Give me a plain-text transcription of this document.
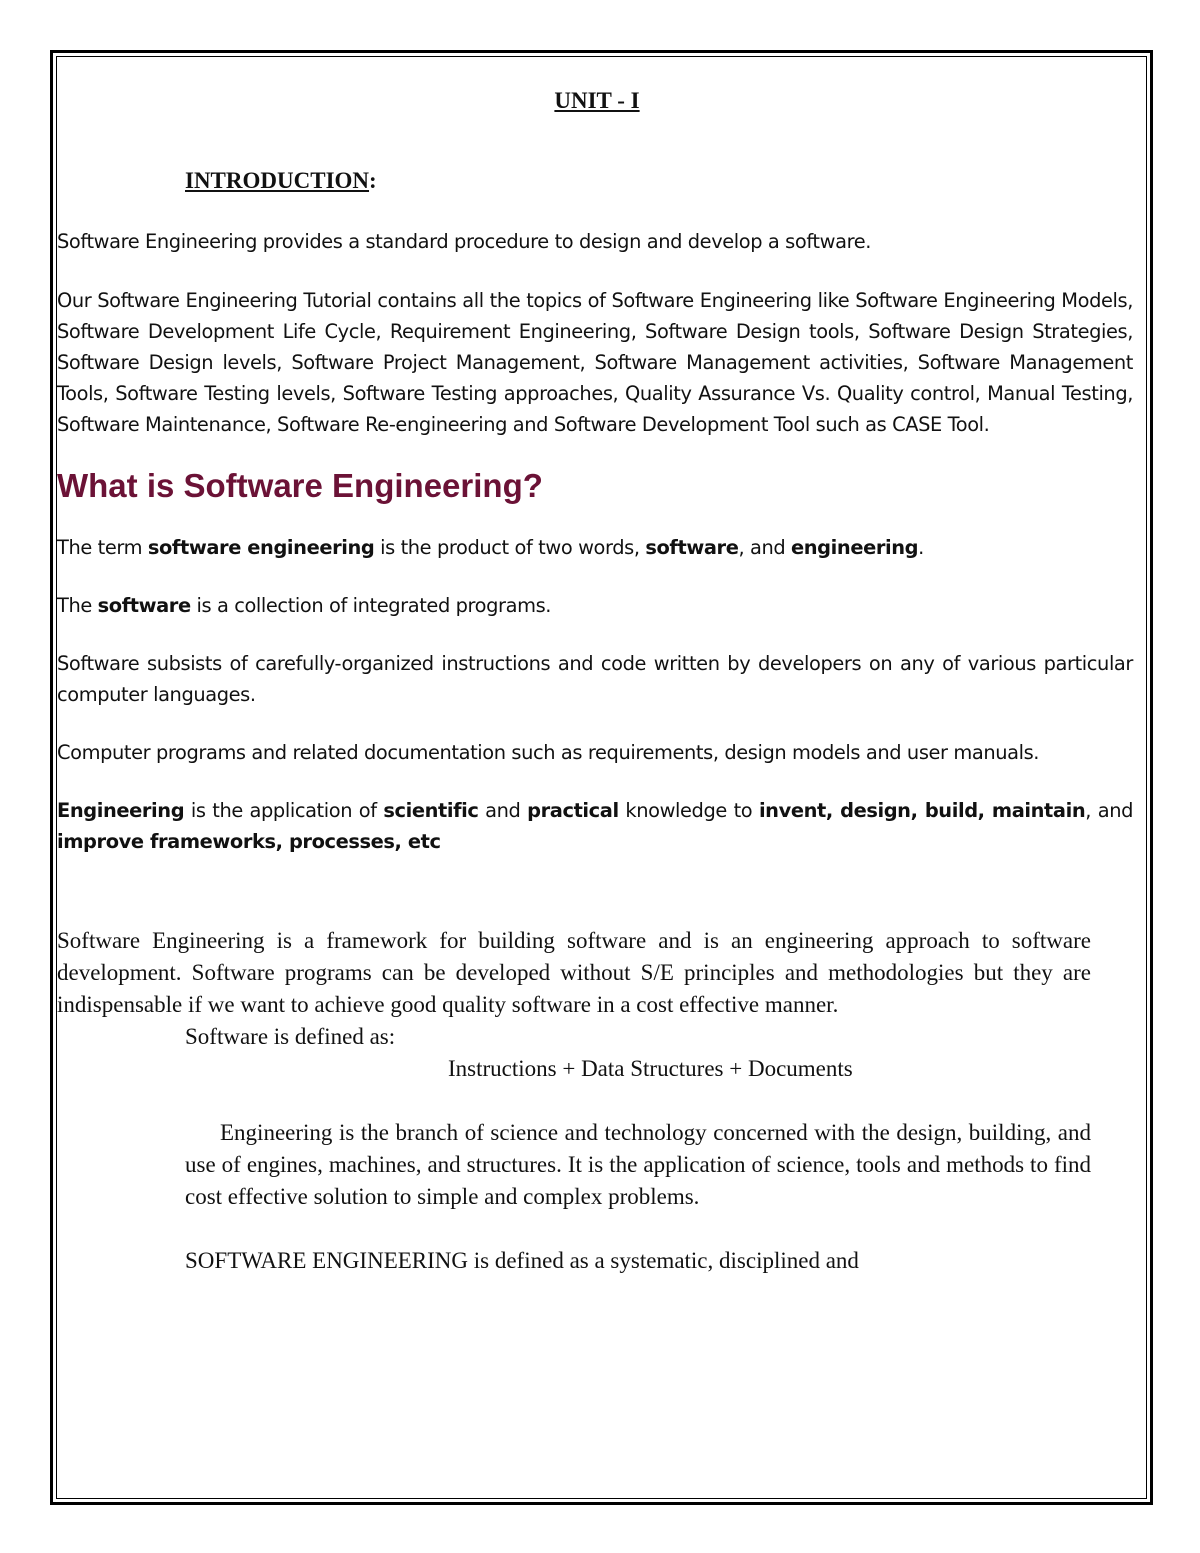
UNIT - I
INTRODUCTION:

Software Engineering provides a standard procedure to design and develop a software.

Our Software Engineering Tutorial contains all the topics of Software Engineering like Software Engineering Models, Software Development Life Cycle, Requirement Engineering, Software Design tools, Software Design Strategies, Software Design levels, Software Project Management, Software Management activities, Software Management Tools, Software Testing levels, Software Testing approaches, Quality Assurance Vs. Quality control, Manual Testing, Software Maintenance, Software Re-engineering and Software Development Tool such as CASE Tool.

What is Software Engineering?

The term software engineering is the product of two words, software, and engineering.

The software is a collection of integrated programs.

Software subsists of carefully-organized instructions and code written by developers on any of various particular computer languages.

Computer programs and related documentation such as requirements, design models and user manuals.

Engineering is the application of scientific and practical knowledge to invent, design, build, maintain, and improve frameworks, processes, etc

Software Engineering is a framework for building software and is an engineering approach to software development. Software programs can be developed without S/E principles and methodologies but they are indispensable if we want to achieve good quality software in a cost effective manner.

Software is defined as:

Instructions + Data Structures + Documents

Engineering is the branch of science and technology concerned with the design, building, and use of engines, machines, and structures. It is the application of science, tools and methods to find cost effective solution to simple and complex problems.

SOFTWARE ENGINEERING is defined as a systematic, disciplined and
